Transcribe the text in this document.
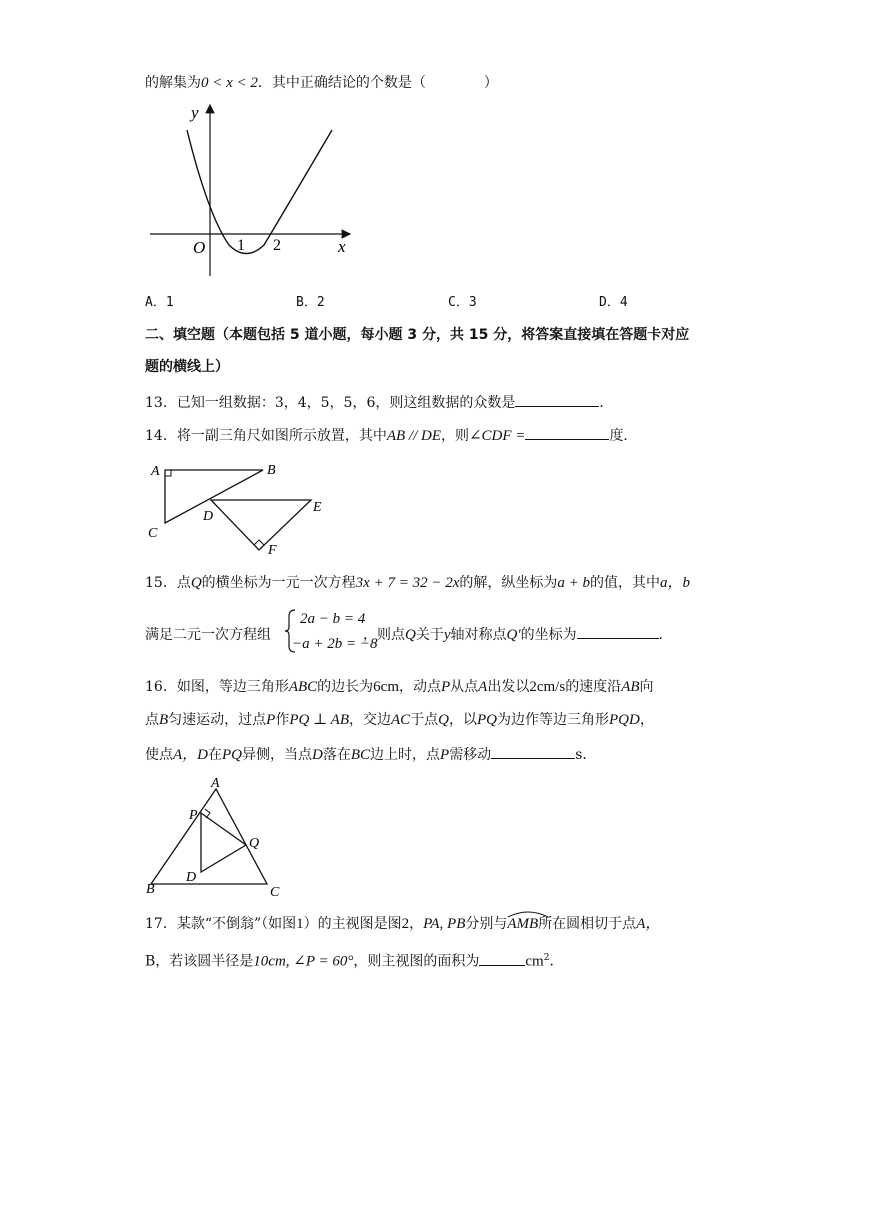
的解集为0 < x < 2．其中正确结论的个数是（	）
y
x
O 1 2
A．1	B．2	C．3	D．4
二、填空题（本题包括 5 道小题，每小题 3 分，共 15 分，将答案直接填在答题卡对应
题的横线上）
13．已知一组数据：3，4，5，5，6，则这组数据的众数是	．
14．将一副三角尺如图所示放置，其中AB // DE，则∠CDF =	度．
A	B
C
D
E
F
15．点Q的横坐标为一元一次方程3x + 7 = 32 − 2x的解，纵坐标为a + b的值，其中a，b
满足二元一次方程组	，则点Q关于y轴对称点Q′的坐标为	．
2a − b = 4
−a + 2b = −8
16．如图，等边三角形ABC的边长为6cm，动点P从点A出发以2cm/s的速度沿AB向
点B匀速运动，过点P作PQ ⊥ AB，交边AC于点Q，以PQ为边作等边三角形PQD，
使点A，D在PQ异侧，当点D落在BC边上时，点P需移动	s．
A
P
Q
D
B	C
17．某款“不倒翁”（如图1）的主视图是图2，PA, PB分别与
AMB所在圆相切于点A，
B，若该圆半径是10cm, ∠P = 60°，则主视图的面积为	$cm^2$．
